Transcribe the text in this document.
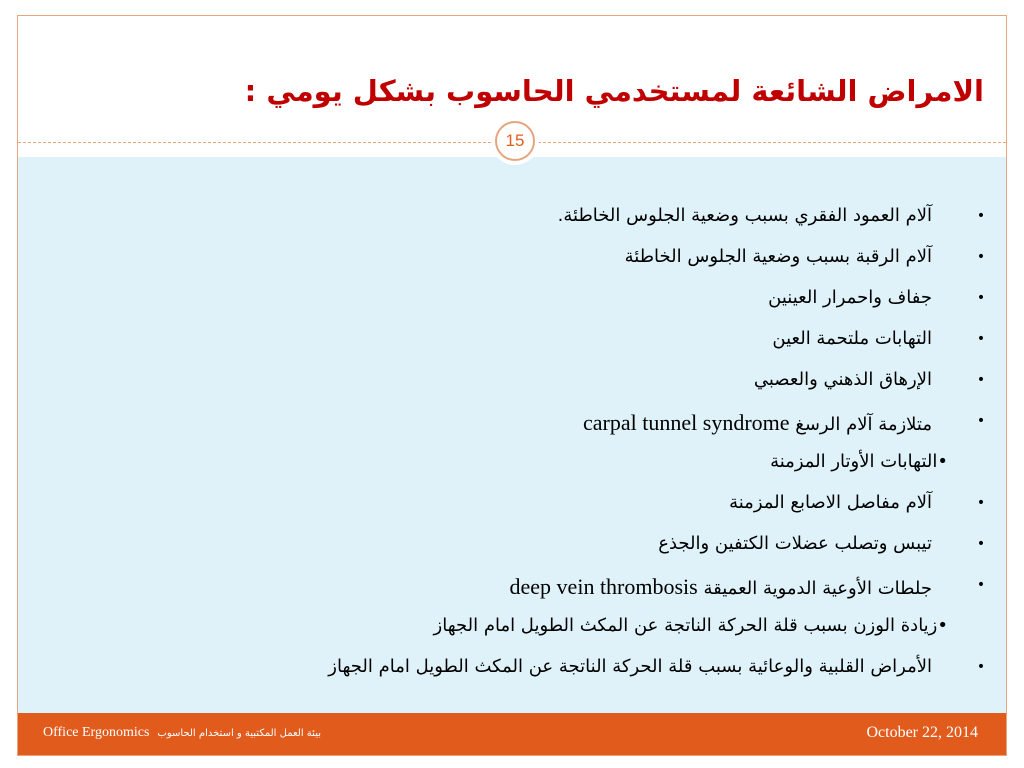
الامراض الشائعة لمستخدمي الحاسوب بشكل يومي :
•
آلام العمود الفقري بسبب وضعية الجلوس الخاطئة.
•
آلام الرقبة بسبب وضعية الجلوس الخاطئة
•
جفاف واحمرار العينين
•
التهابات ملتحمة العين
•
الإرهاق الذهني والعصبي
•
متلازمة آلام الرسغ carpal tunnel syndrome
•التهابات الأوتار المزمنة
•
آلام مفاصل الاصابع المزمنة
•
تيبس وتصلب عضلات الكتفين والجذع
•
جلطات الأوعية الدموية العميقة deep vein thrombosis
•زيادة الوزن بسبب قلة الحركة الناتجة عن المكث الطويل امام الجهاز
•
الأمراض القلبية والوعائية بسبب قلة الحركة الناتجة عن المكث الطويل امام الجهاز
15
Office Ergonomics بيئة العمل المكتبية و استخدام الحاسوب	October 22, 2014
